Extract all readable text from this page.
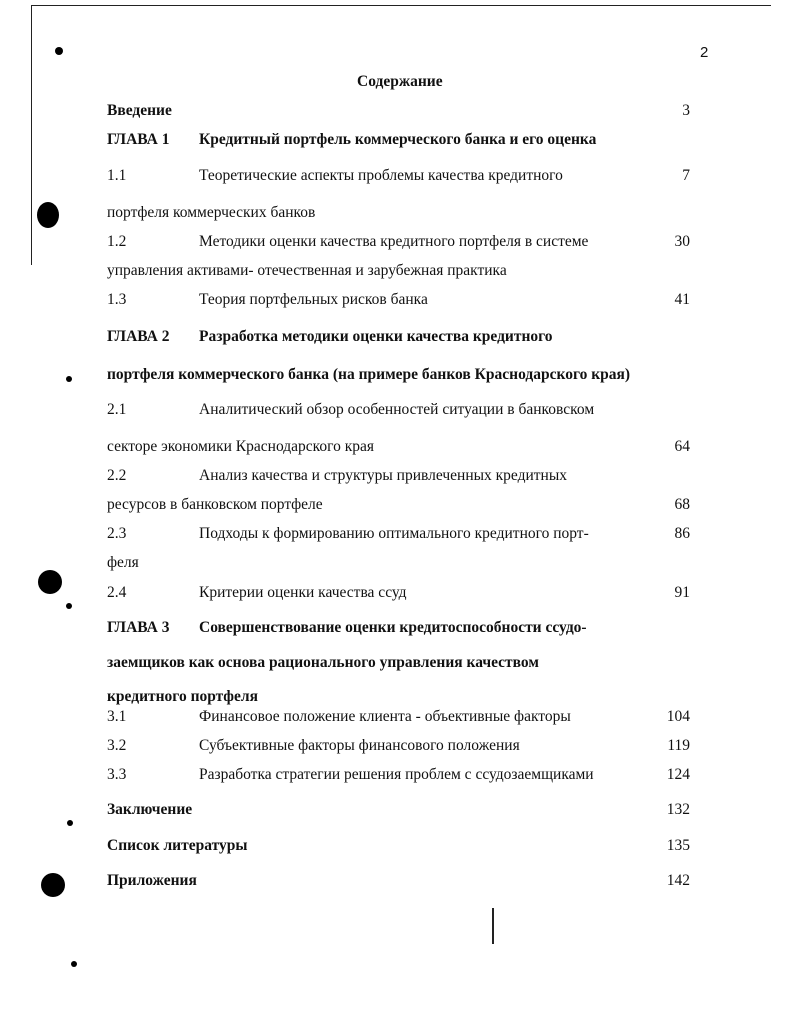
2
Содержание
Введение	3
ГЛАВА 1 Кредитный портфель коммерческого банка и его оценка
1.1	Теоретические аспекты проблемы качества кредитного	7
портфеля коммерческих банков
1.2	Методики оценки качества кредитного портфеля в системе	30
управления активами- отечественная и зарубежная практика
1.3	Теория портфельных рисков банка	41
ГЛАВА 2 Разработка методики оценки качества кредитного
портфеля коммерческого банка (на примере банков Краснодарского края)
2.1	Аналитический обзор особенностей ситуации в банковском
секторе экономики Краснодарского края	64
2.2	Анализ качества и структуры привлеченных кредитных
ресурсов в банковском портфеле	68
2.3	Подходы к формированию оптимального кредитного порт-	86
феля
2.4	Критерии оценки качества ссуд	91
ГЛАВА 3 Совершенствование оценки кредитоспособности ссудо-
заемщиков как основа рационального управления качеством
кредитного портфеля
3.1	Финансовое положение клиента - объективные факторы	104
3.2	Субъективные факторы финансового положения	119
3.3	Разработка стратегии решения проблем с ссудозаемщиками	124
Заключение	132
Список литературы	135
Приложения	142
